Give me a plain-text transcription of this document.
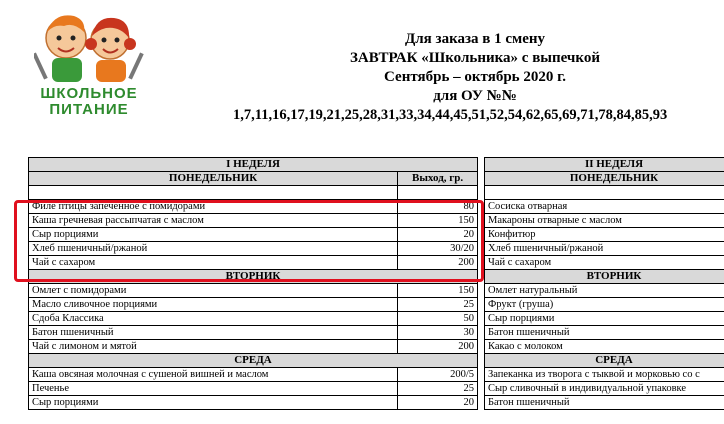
ШКОЛЬНОЕ
ПИТАНИЕ
Для заказа в 1 смену
ЗАВТРАК «Школьника» с выпечкой
Сентябрь – октябрь 2020 г.
для ОУ №№
1,7,11,16,17,19,21,25,28,31,33,34,44,45,51,52,54,62,65,69,71,78,84,85,93
I НЕДЕЛЯ	
ПОНЕДЕЛЬНИК	Выход, гр.

Филе птицы запеченное с помидорами	80
Каша гречневая рассыпчатая с маслом	150
Сыр порциями	20
Хлеб пшеничный/ржаной	30/20
Чай с сахаром	200
ВТОРНИК	
Омлет с помидорами	150
Масло сливочное порциями	25
Сдоба Классика	50
Батон пшеничный	30
Чай с лимоном и мятой	200
СРЕДА	
Каша овсяная молочная с сушеной вишней и маслом	200/5
Печенье	25
Сыр порциями	20
II НЕДЕЛЯ
ПОНЕДЕЛЬНИК

Сосиска отварная
Макароны отварные с маслом
Конфитюр
Хлеб пшеничный/ржаной
Чай с сахаром
ВТОРНИК
Омлет натуральный
Фрукт (груша)
Сыр порциями
Батон пшеничный
Какао с молоком
СРЕДА
Запеканка из творога с тыквой и морковью со с
Сыр сливочный в индивидуальной упаковке
Батон пшеничный
